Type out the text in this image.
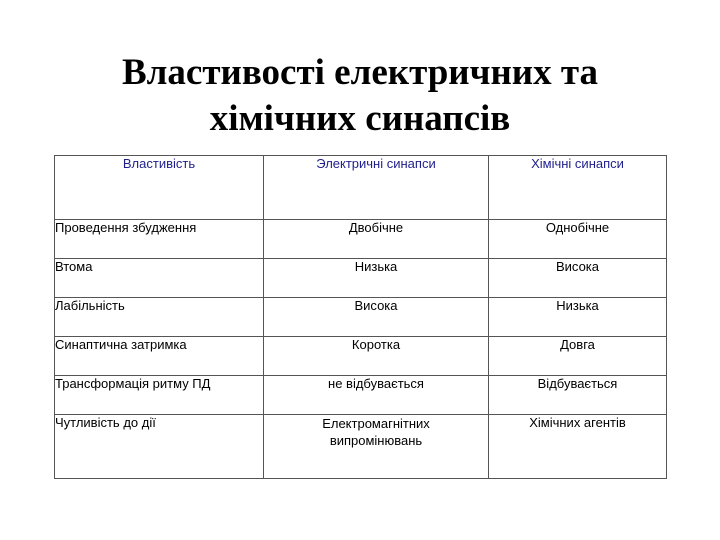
Властивості електричних та
хімічних синапсів
Властивість	Электричні синапси	Хімічні синапси
Проведення збудження	Двобічне	Однобічне
Втома	Низька	Висока
Лабільність	Висока	Низька
Синаптична затримка	Коротка	Довга
Трансформація ритму ПД	не відбувається	Відбувається
Чутливість до дії	Електромагнітних випромінювань	Хімічних агентів
